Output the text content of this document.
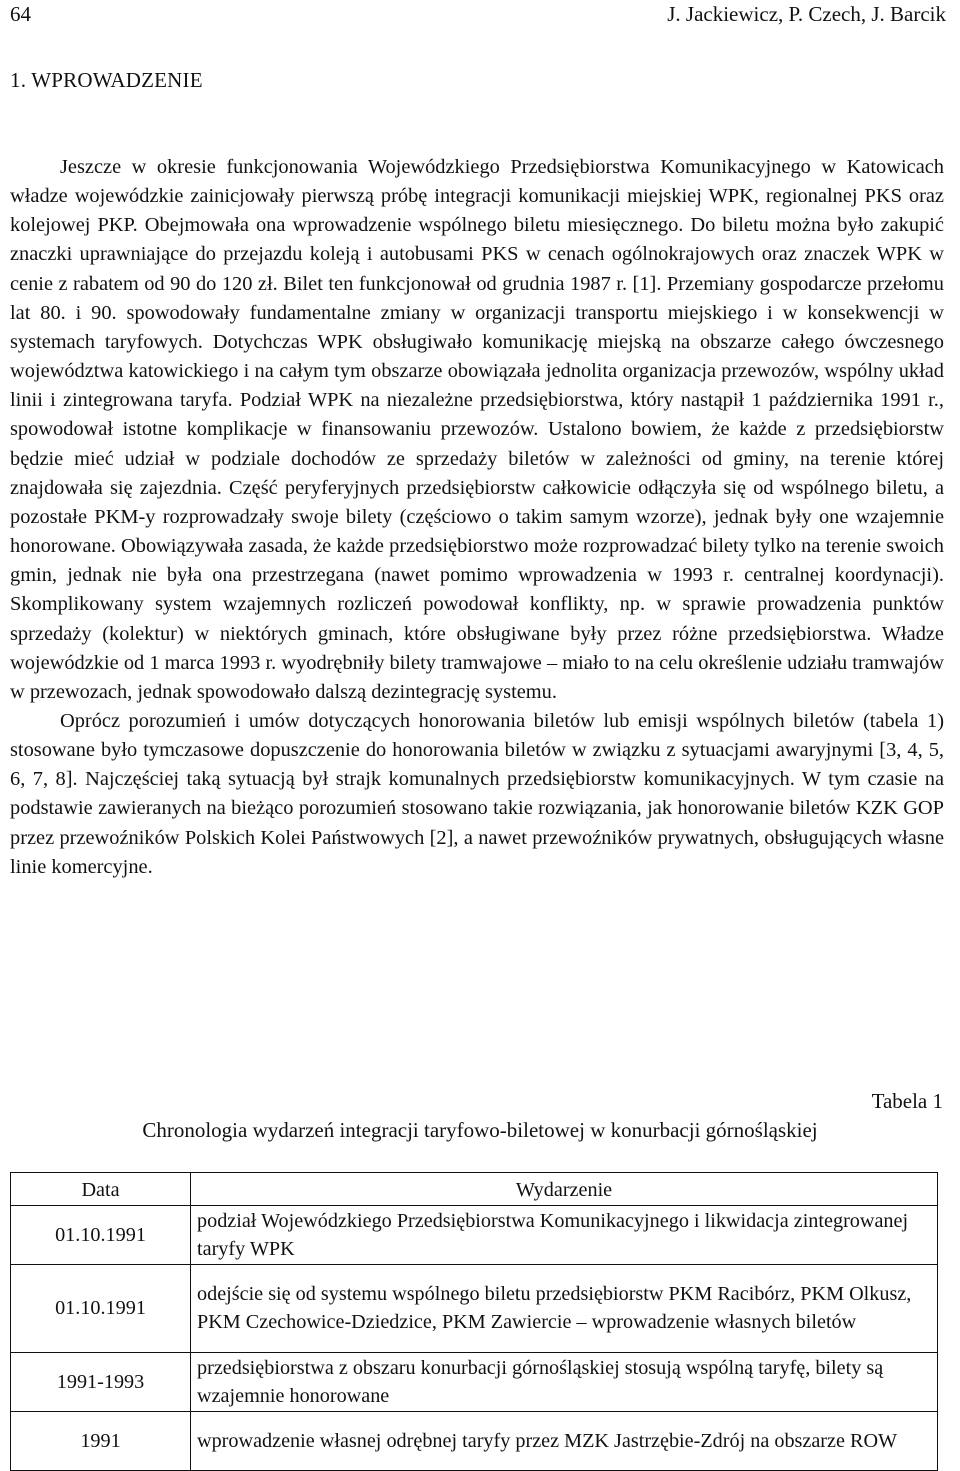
64	J. Jackiewicz, P. Czech, J. Barcik
1. WPROWADZENIE

Jeszcze w okresie funkcjonowania Wojewódzkiego Przedsiębiorstwa Komunikacyjnego w Katowicach władze wojewódzkie zainicjowały pierwszą próbę integracji komunikacji miejskiej WPK, regionalnej PKS oraz kolejowej PKP. Obejmowała ona wprowadzenie wspólnego biletu miesięcznego. Do biletu można było zakupić znaczki uprawniające do przejazdu koleją i autobusami PKS w cenach ogólnokrajowych oraz znaczek WPK w cenie z rabatem od 90 do 120 zł. Bilet ten funkcjonował od grudnia 1987 r. [1]. Przemiany gospodarcze przełomu lat 80. i 90. spowodowały fundamentalne zmiany w organizacji transportu miejskiego i w konsekwencji w systemach taryfowych. Dotychczas WPK obsługiwało komunikację miejską na obszarze całego ówczesnego województwa katowickiego i na całym tym obszarze obowiązała jednolita organizacja przewozów, wspólny układ linii i zintegrowana taryfa. Podział WPK na niezależne przedsiębiorstwa, który nastąpił 1 października 1991 r., spowodował istotne komplikacje w finansowaniu przewozów. Ustalono bowiem, że każde z przedsiębiorstw będzie mieć udział w podziale dochodów ze sprzedaży biletów w zależności od gminy, na terenie której znajdowała się zajezdnia. Część peryferyjnych przedsiębiorstw całkowicie odłączyła się od wspólnego biletu, a pozostałe PKM-y rozprowadzały swoje bilety (częściowo o takim samym wzorze), jednak były one wzajemnie honorowane. Obowiązywała zasada, że każde przedsiębiorstwo może rozprowadzać bilety tylko na terenie swoich gmin, jednak nie była ona przestrzegana (nawet pomimo wprowadzenia w 1993 r. centralnej koordynacji). Skomplikowany system wzajemnych rozliczeń powodował konflikty, np. w sprawie prowadzenia punktów sprzedaży (kolektur) w niektórych gminach, które obsługiwane były przez różne przedsiębiorstwa. Władze wojewódzkie od 1 marca 1993 r. wyodrębniły bilety tramwajowe – miało to na celu określenie udziału tramwajów w przewozach, jednak spowodowało dalszą dezintegrację systemu.

Oprócz porozumień i umów dotyczących honorowania biletów lub emisji wspólnych biletów (tabela 1) stosowane było tymczasowe dopuszczenie do honorowania biletów w związku z sytuacjami awaryjnymi [3, 4, 5, 6, 7, 8]. Najczęściej taką sytuacją był strajk komunalnych przedsiębiorstw komunikacyjnych. W tym czasie na podstawie zawieranych na bieżąco porozumień stosowano takie rozwiązania, jak honorowanie biletów KZK GOP przez przewoźników Polskich Kolei Państwowych [2], a nawet przewoźników prywatnych, obsługujących własne linie komercyjne.

Tabela 1
Chronologia wydarzeń integracji taryfowo-biletowej w konurbacji górnośląskiej
Data	Wydarzenie
01.10.1991	podział Wojewódzkiego Przedsiębiorstwa Komunikacyjnego i likwidacja zintegrowanej taryfy WPK
01.10.1991	odejście się od systemu wspólnego biletu przedsiębiorstw PKM Racibórz, PKM Olkusz, PKM Czechowice-Dziedzice, PKM Zawiercie – wprowadzenie własnych biletów
1991-1993	przedsiębiorstwa z obszaru konurbacji górnośląskiej stosują wspólną taryfę, bilety są wzajemnie honorowane
1991	wprowadzenie własnej odrębnej taryfy przez MZK Jastrzębie-Zdrój na obszarze ROW
